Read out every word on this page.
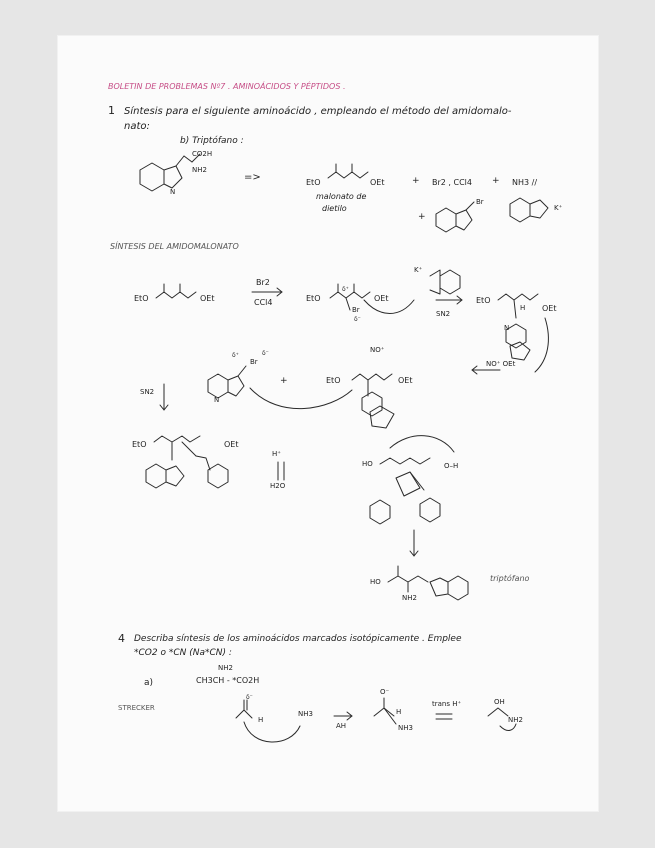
BOLETIN DE PROBLEMAS Nº7 . AMINOÁCIDOS Y PÉPTIDOS .
1 Síntesis para el siguiente aminoácido , empleando el método del amidomalo-
nato:
b) Triptófano :
CO2H
NH2
N
=>	EtO	OEt
malonato de
dietilo
+ Br2 , CCl4 + NH3 //
+
Br
K⁺
SÍNTESIS DEL AMIDOMALONATO
EtO	OEt
Br2
CCl4	EtO	OEt
δ⁺
Br
δ⁻
K⁺
SN2
EtO
OEt
H
N
NO⁺ OEt
δ⁺
Br
δ⁻
+
NO⁺
EtO	OEt
N
SN2
EtO	OEt
H⁺
H2O
HO	O–H
HO
NH2
triptófano
4 Describa síntesis de los aminoácidos marcados isotópicamente . Emplee
*CO2 o *CN (Na*CN) :
NH2
a)	CH3CH - *CO2H
STRECKER
δ⁻
H
NH3
AH
O⁻
H
NH3
trans H⁺	OH
NH2
